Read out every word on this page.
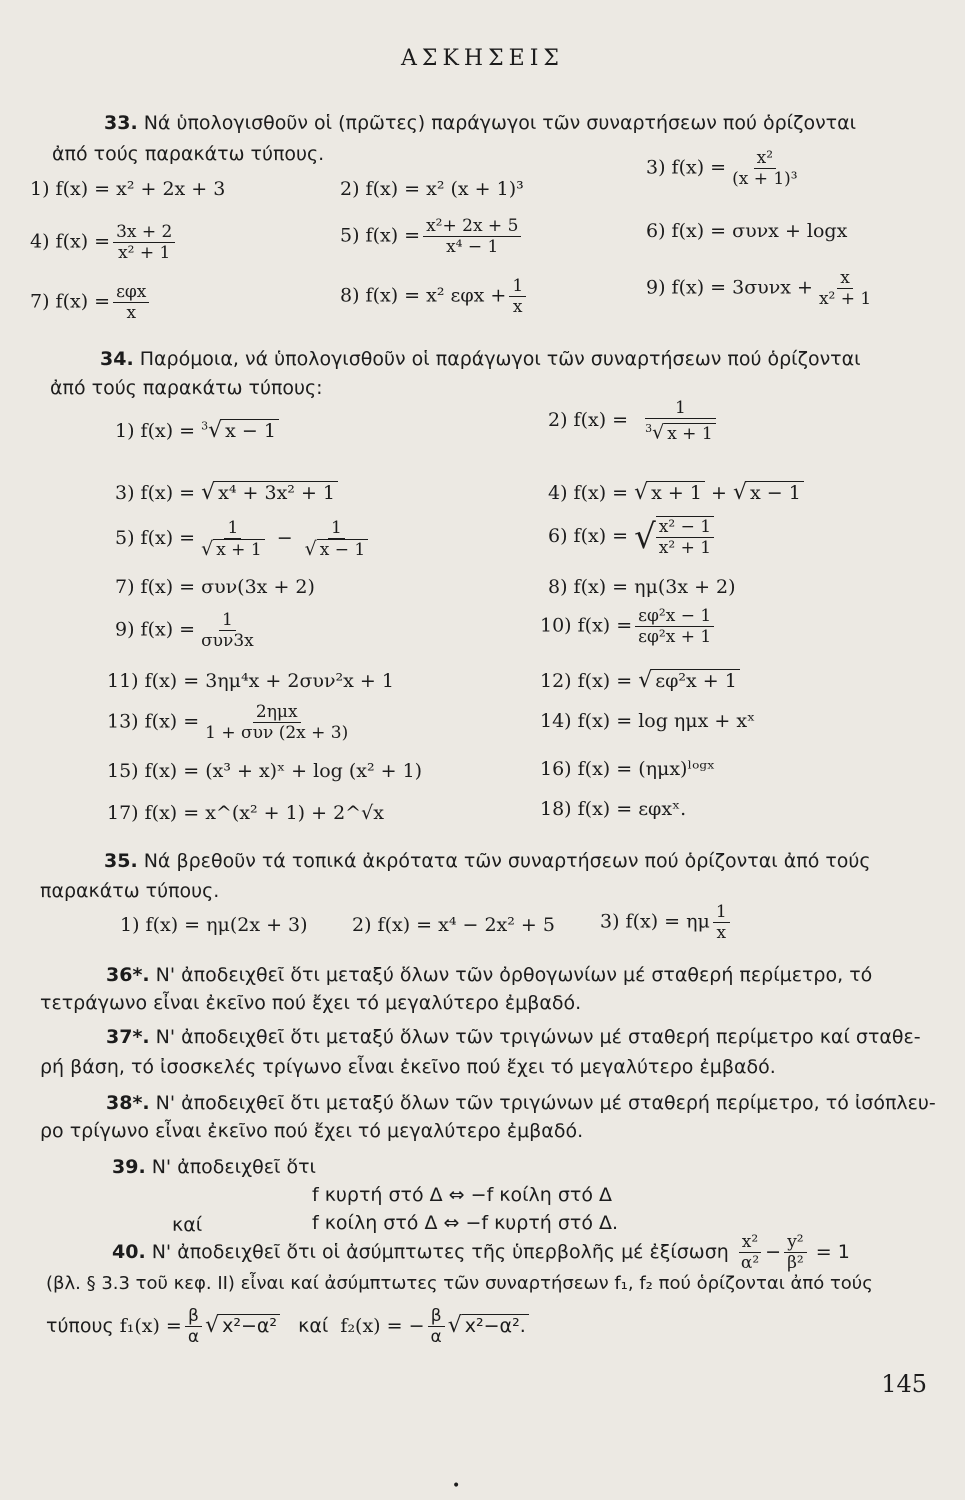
ΑΣΚΗΣΕΙΣ
33. Νά ὑπολογισθοῦν οἱ (πρῶτες) παράγωγοι τῶν συναρτήσεων πού ὁρίζονται
ἀπό τούς παρακάτω τύπους.
1) f(x) = x² + 2x + 3	2) f(x) = x² (x + 1)³
3) $f(x) = \frac{\text{x²}}{\text{(x + 1)³}}$
4) $f(x) = \frac{3x + 2}{\text{x² + 1}}$	5) $f(x) = \frac{\text{x²+ 2x + 5}}{\text{x⁴ − 1}}$	6) f(x) = συνx + logx
7) $f(x) = \frac{\text{εφx}}{x}$	8) f(x) = x² $\varepsilon\varphi x + \frac{1}{x}$	9) $f(x) = 3\sigma\upsilon\nu x + \frac{x}{\text{x² + 1}}$
34. Παρόμοια, νά ὑπολογισθοῦν οἱ παράγωγοι τῶν συναρτήσεων πού ὁρίζονται
ἀπό τούς παρακάτω τύπους:
1) f(x) = $^3$√ x − 1
2) $f(x) = \frac{1}{^3√ x + 1}$
3) f(x) = √ x⁴ + 3x² + 1	4) f(x) = √ x + 1 + √ x − 1
5) $f(x) = \frac{1}{√ x + 1} - \frac{1}{√ x - 1}$	6) f(x) = √ $\frac{\text{x² − 1}}{\text{x² + 1}}$
7) f(x) = συν(3x + 2)	8) f(x) = ημ(3x + 2)
9) $f(x) = \frac{1}{\text{συν3x}}$	10) $f(x) = \frac{\text{εφ²x − 1}}{\text{εφ²x + 1}}$
11) f(x) = 3ημ⁴x + 2συν²x + 1	12) f(x) = √ εφ²x + 1
13) $f(x) = \frac{\text{2ημx}}{\text{1 + συν (2x + 3)}}$	14) f(x) = log ημx + xˣ
15) f(x) = (x³ + x)ˣ + log (x² + 1)	16) f(x) = (ημx)ˡᵒᵍˣ
17) f(x) = x^(x² + 1) + 2^√x	18) f(x) = εφxˣ.
35. Νά βρεθοῦν τά τοπικά ἀκρότατα τῶν συναρτήσεων πού ὁρίζονται ἀπό τούς
παρακάτω τύπους.
1) f(x) = ημ(2x + 3) 2) f(x) = x⁴ − 2x² + 5 3) f(x) = ημ $\frac{1}{x}$
36*. Ν' ἀποδειχθεῖ ὅτι μεταξύ ὅλων τῶν ὀρθογωνίων μέ σταθερή περίμετρο, τό
τετράγωνο εἶναι ἐκεῖνο πού ἔχει τό μεγαλύτερο ἐμβαδό.
37*. Ν' ἀποδειχθεῖ ὅτι μεταξύ ὅλων τῶν τριγώνων μέ σταθερή περίμετρο καί σταθε-
ρή βάση, τό ἰσοσκελές τρίγωνο εἶναι ἐκεῖνο πού ἔχει τό μεγαλύτερο ἐμβαδό.
38*. Ν' ἀποδειχθεῖ ὅτι μεταξύ ὅλων τῶν τριγώνων μέ σταθερή περίμετρο, τό ἰσόπλευ-
ρο τρίγωνο εἶναι ἐκεῖνο πού ἔχει τό μεγαλύτερο ἐμβαδό.
39. Ν' ἀποδειχθεῖ ὅτι
f κυρτή στό Δ ⇔ −f κοίλη στό Δ
καί	f κοίλη στό Δ ⇔ −f κυρτή στό Δ.
40. Ν' ἀποδειχθεῖ ὅτι οἱ ἀσύμπτωτες τῆς ὑπερβολῆς μέ ἐξίσωση $\frac{\text{x²}}{\text{α²}} - \frac{\text{y²}}{\text{β²}} = 1$
(βλ. § 3.3 τοῦ κεφ. II) εἶναι καί ἀσύμπτωτες τῶν συναρτήσεων f₁, f₂ πού ὁρίζονται ἀπό τούς
τύπους $f_1(x) = \frac{\beta}{\alpha}$ √ x²−α² καί f₂(x) = − $\frac{\beta}{\alpha}$ √ x²−α².
145
•
